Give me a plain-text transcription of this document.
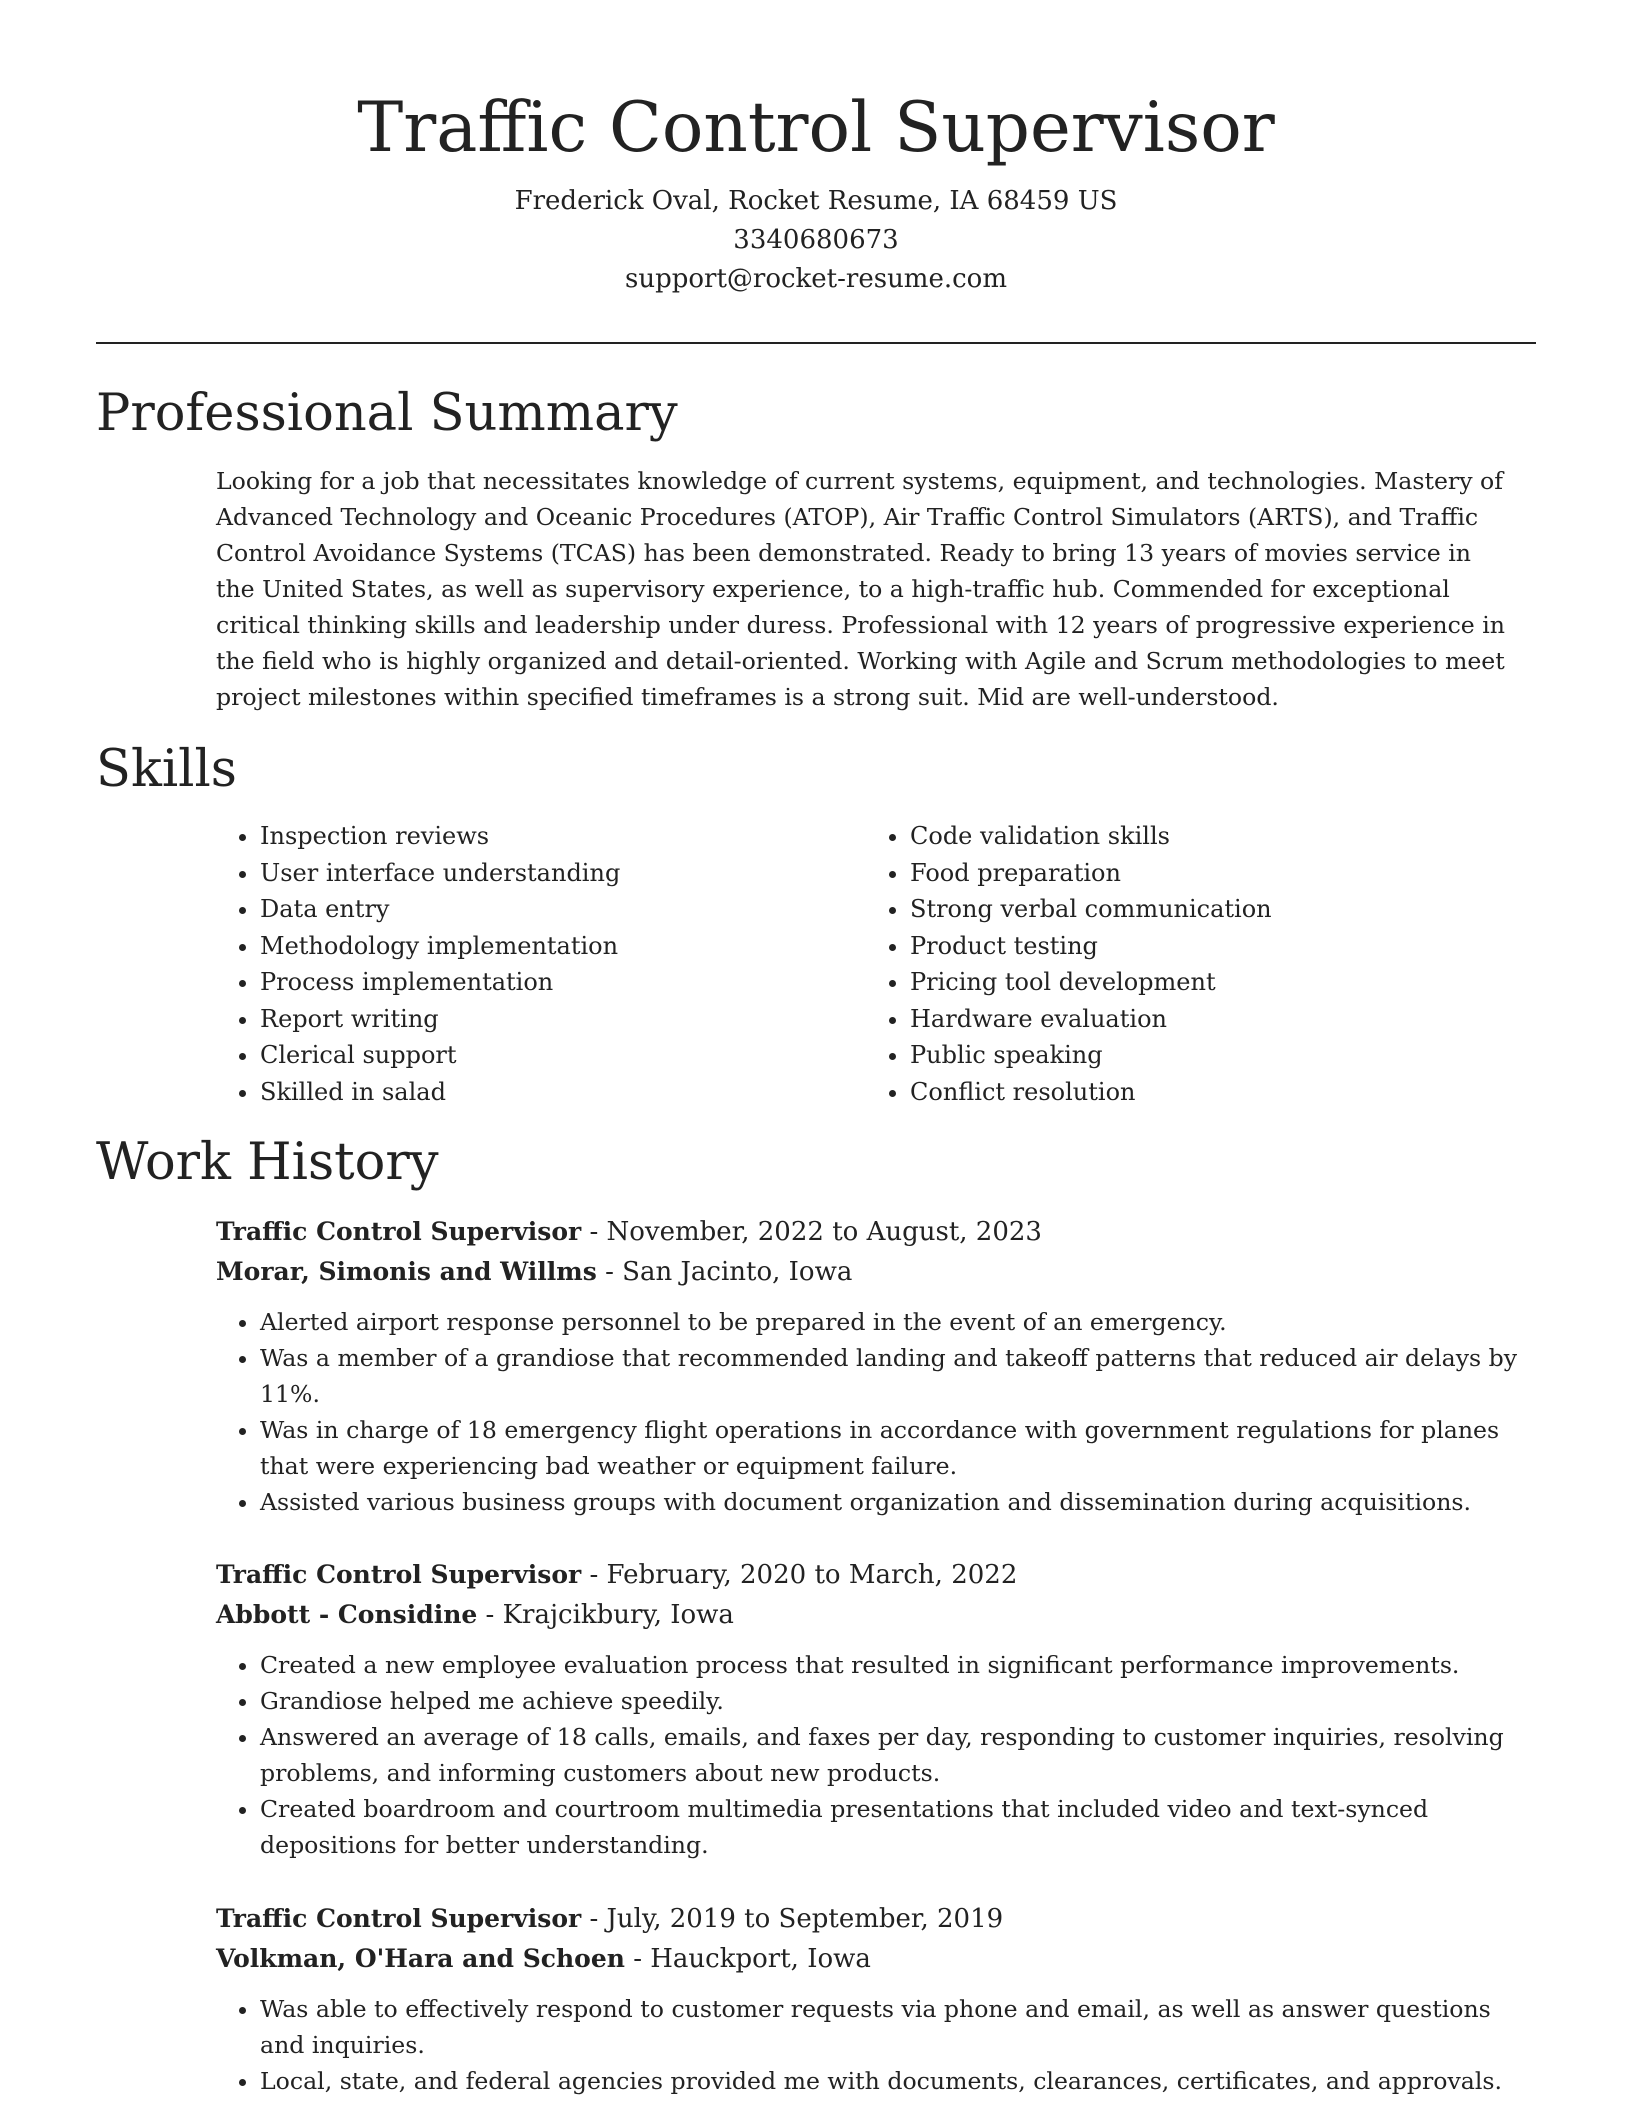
Traffic Control Supervisor

Frederick Oval, Rocket Resume, IA 68459 US

3340680673

support@rocket-resume.com

Professional Summary

Looking for a job that necessitates knowledge of current systems, equipment, and technologies. Mastery of Advanced Technology and Oceanic Procedures (ATOP), Air Traffic Control Simulators (ARTS), and Traffic Control Avoidance Systems (TCAS) has been demonstrated. Ready to bring 13 years of movies service in the United States, as well as supervisory experience, to a high-traffic hub. Commended for exceptional critical thinking skills and leadership under duress. Professional with 12 years of progressive experience in the field who is highly organized and detail-oriented. Working with Agile and Scrum methodologies to meet project milestones within specified timeframes is a strong suit. Mid are well-understood.

Skills
• Inspection reviews
• User interface understanding
• Data entry
• Methodology implementation
• Process implementation
• Report writing
• Clerical support
• Skilled in salad
• Code validation skills
• Food preparation
• Strong verbal communication
• Product testing
• Pricing tool development
• Hardware evaluation
• Public speaking
• Conflict resolution
Work History

Traffic Control Supervisor - November, 2022 to August, 2023

Morar, Simonis and Willms - San Jacinto, Iowa

• Alerted airport response personnel to be prepared in the event of an emergency.
• Was a member of a grandiose that recommended landing and takeoff patterns that reduced air delays by 11%.
• Was in charge of 18 emergency flight operations in accordance with government regulations for planes that were experiencing bad weather or equipment failure.
• Assisted various business groups with document organization and dissemination during acquisitions.

Traffic Control Supervisor - February, 2020 to March, 2022

Abbott - Considine - Krajcikbury, Iowa

• Created a new employee evaluation process that resulted in significant performance improvements.
• Grandiose helped me achieve speedily.
• Answered an average of 18 calls, emails, and faxes per day, responding to customer inquiries, resolving problems, and informing customers about new products.
• Created boardroom and courtroom multimedia presentations that included video and text-synced depositions for better understanding.

Traffic Control Supervisor - July, 2019 to September, 2019

Volkman, O'Hara and Schoen - Hauckport, Iowa

• Was able to effectively respond to customer requests via phone and email, as well as answer questions and inquiries.
• Local, state, and federal agencies provided me with documents, clearances, certificates, and approvals.
